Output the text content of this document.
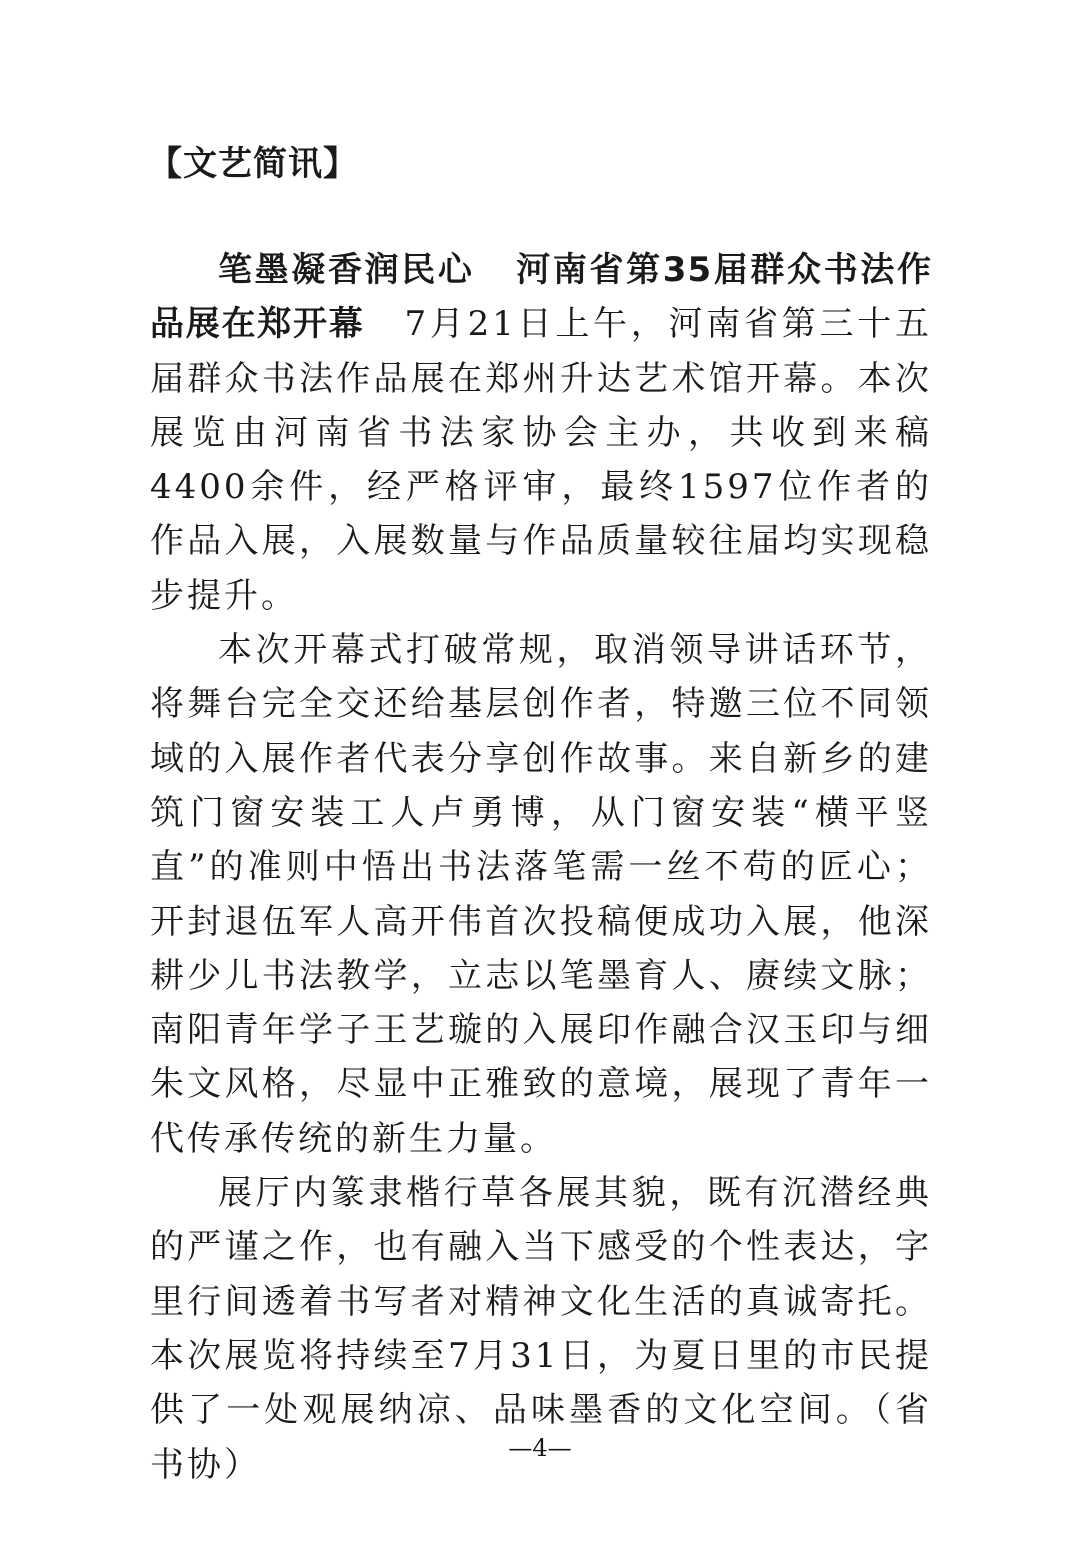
【文艺简讯】

笔墨凝香润民心 河南省第35届群众书法作品展在郑开幕 7月21日上午，河南省第三十五届群众书法作品展在郑州升达艺术馆开幕。本次展览由河南省书法家协会主办，共收到来稿4400余件，经严格评审，最终1597位作者的作品入展，入展数量与作品质量较往届均实现稳步提升。

本次开幕式打破常规，取消领导讲话环节，将舞台完全交还给基层创作者，特邀三位不同领域的入展作者代表分享创作故事。来自新乡的建筑门窗安装工人卢勇博，从门窗安装“横平竖直”的准则中悟出书法落笔需一丝不苟的匠心；开封退伍军人高开伟首次投稿便成功入展，他深耕少儿书法教学，立志以笔墨育人、赓续文脉；南阳青年学子王艺璇的入展印作融合汉玉印与细朱文风格，尽显中正雅致的意境，展现了青年一代传承传统的新生力量。

展厅内篆隶楷行草各展其貌，既有沉潜经典的严谨之作，也有融入当下感受的个性表达，字里行间透着书写者对精神文化生活的真诚寄托。本次展览将持续至7月31日，为夏日里的市民提供了一处观展纳凉、品味墨香的文化空间。（省书协）	—4—
